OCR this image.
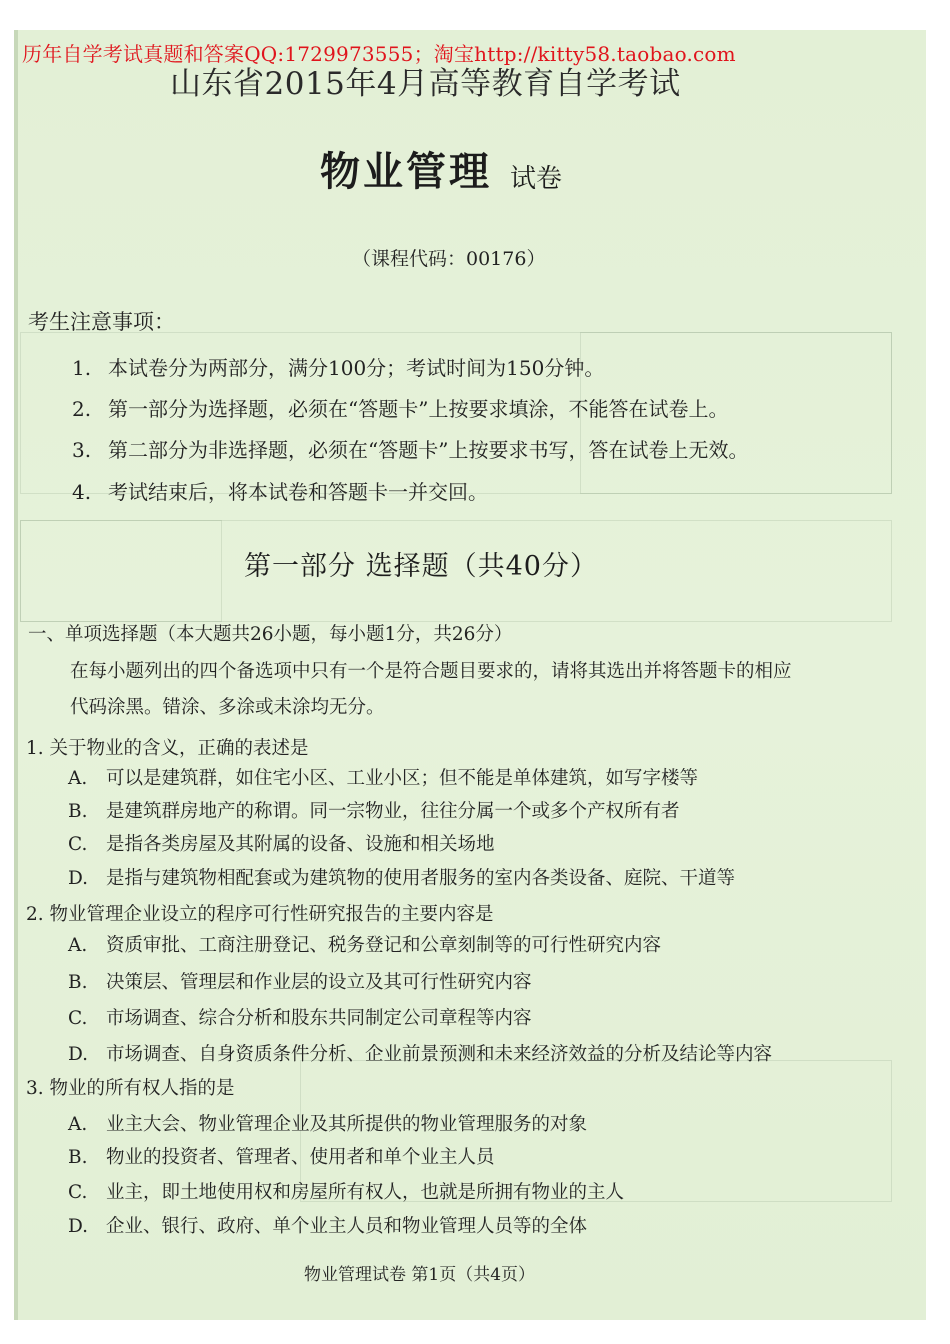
历年自学考试真题和答案QQ:1729973555；淘宝http://kitty58.taobao.com
山东省2015年4月高等教育自学考试
物业管理 试卷
（课程代码：00176）
考生注意事项：
1. 本试卷分为两部分，满分100分；考试时间为150分钟。
2. 第一部分为选择题，必须在“答题卡”上按要求填涂，不能答在试卷上。
3. 第二部分为非选择题，必须在“答题卡”上按要求书写，答在试卷上无效。
4. 考试结束后，将本试卷和答题卡一并交回。
第一部分 选择题（共40分）
一、单项选择题（本大题共26小题，每小题1分，共26分）
在每小题列出的四个备选项中只有一个是符合题目要求的，请将其选出并将答题卡的相应
代码涂黑。错涂、多涂或未涂均无分。
1. 关于物业的含义，正确的表述是
A. 可以是建筑群，如住宅小区、工业小区；但不能是单体建筑，如写字楼等
B. 是建筑群房地产的称谓。同一宗物业，往往分属一个或多个产权所有者
C. 是指各类房屋及其附属的设备、设施和相关场地
D. 是指与建筑物相配套或为建筑物的使用者服务的室内各类设备、庭院、干道等
2. 物业管理企业设立的程序可行性研究报告的主要内容是
A. 资质审批、工商注册登记、税务登记和公章刻制等的可行性研究内容
B. 决策层、管理层和作业层的设立及其可行性研究内容
C. 市场调查、综合分析和股东共同制定公司章程等内容
D. 市场调查、自身资质条件分析、企业前景预测和未来经济效益的分析及结论等内容
3. 物业的所有权人指的是
A. 业主大会、物业管理企业及其所提供的物业管理服务的对象
B. 物业的投资者、管理者、使用者和单个业主人员
C. 业主，即土地使用权和房屋所有权人，也就是所拥有物业的主人
D. 企业、银行、政府、单个业主人员和物业管理人员等的全体
物业管理试卷 第1页（共4页）
